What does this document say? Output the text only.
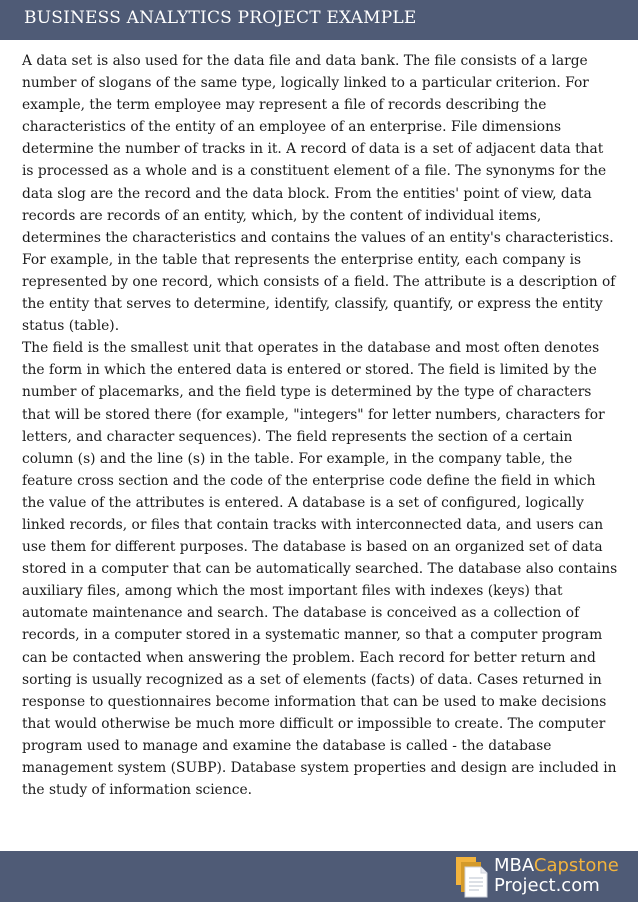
BUSINESS ANALYTICS PROJECT EXAMPLE

A data set is also used for the data file and data bank. The file consists of a large number of slogans of the same type, logically linked to a particular criterion. For example, the term employee may represent a file of records describing the characteristics of the entity of an employee of an enterprise. File dimensions determine the number of tracks in it. A record of data is a set of adjacent data that is processed as a whole and is a constituent element of a file. The synonyms for the data slog are the record and the data block. From the entities' point of view, data records are records of an entity, which, by the content of individual items, determines the characteristics and contains the values of an entity's characteristics. For example, in the table that represents the enterprise entity, each company is represented by one record, which consists of a field. The attribute is a description of the entity that serves to determine, identify, classify, quantify, or express the entity status (table).

The field is the smallest unit that operates in the database and most often denotes the form in which the entered data is entered or stored. The field is limited by the number of placemarks, and the field type is determined by the type of characters that will be stored there (for example, "integers" for letter numbers, characters for letters, and character sequences). The field represents the section of a certain column (s) and the line (s) in the table. For example, in the company table, the feature cross section and the code of the enterprise code define the field in which the value of the attributes is entered. A database is a set of configured, logically linked records, or files that contain tracks with interconnected data, and users can use them for different purposes. The database is based on an organized set of data stored in a computer that can be automatically searched. The database also contains auxiliary files, among which the most important files with indexes (keys) that automate maintenance and search. The database is conceived as a collection of records, in a computer stored in a systematic manner, so that a computer program can be contacted when answering the problem. Each record for better return and sorting is usually recognized as a set of elements (facts) of data. Cases returned in response to questionnaires become information that can be used to make decisions that would otherwise be much more difficult or impossible to create. The computer program used to manage and examine the database is called - the database management system (SUBP). Database system properties and design are included in the study of information science.

MBACapstone
Project.com
